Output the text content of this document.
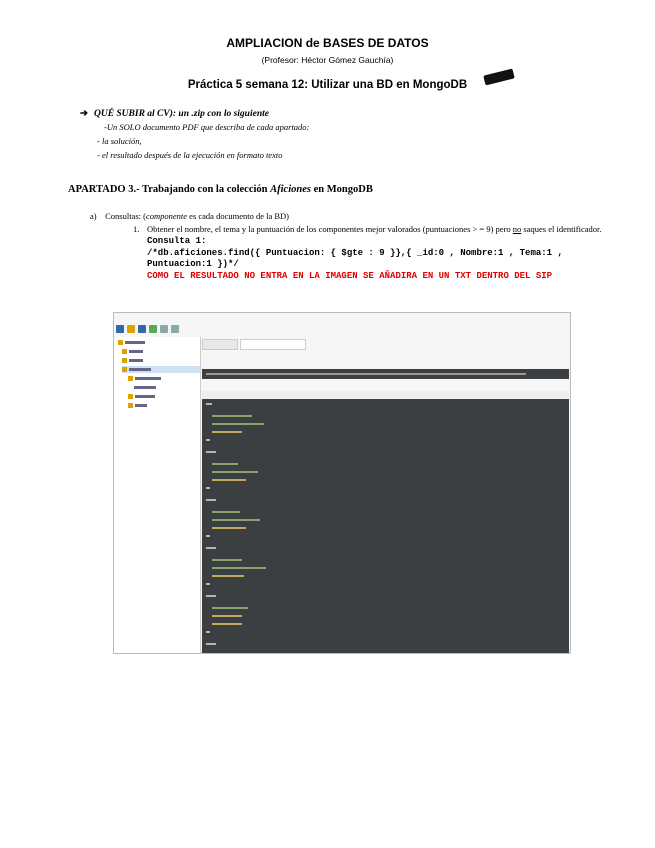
AMPLIACION de BASES DE DATOS
(Profesor: Héctor Gómez Gauchía)
Práctica 5 semana 12: Utilizar una BD en MongoDB
➔ QUÉ SUBIR al CV): un .zip con lo siguiente
-Un SOLO documento PDF que describa de cada apartado:
- la solución,
- el resultado después de la ejecución en formato texto
APARTADO 3.- Trabajando con la colección Aficiones en MongoDB
a) Consultas: (componente es cada documento de la BD)
1. Obtener el nombre, el tema y la puntuación de los componentes mejor valorados (puntuaciones > = 9) pero no saques el identificador.
Consulta 1:
/*db.aficiones.find({ Puntuacion: { $gte : 9 }},{ _id:0 , Nombre:1 , Tema:1 , Puntuacion:1 })*/
COMO EL RESULTADO NO ENTRA EN LA IMAGEN SE AÑADIRA EN UN TXT DENTRO DEL SIP
